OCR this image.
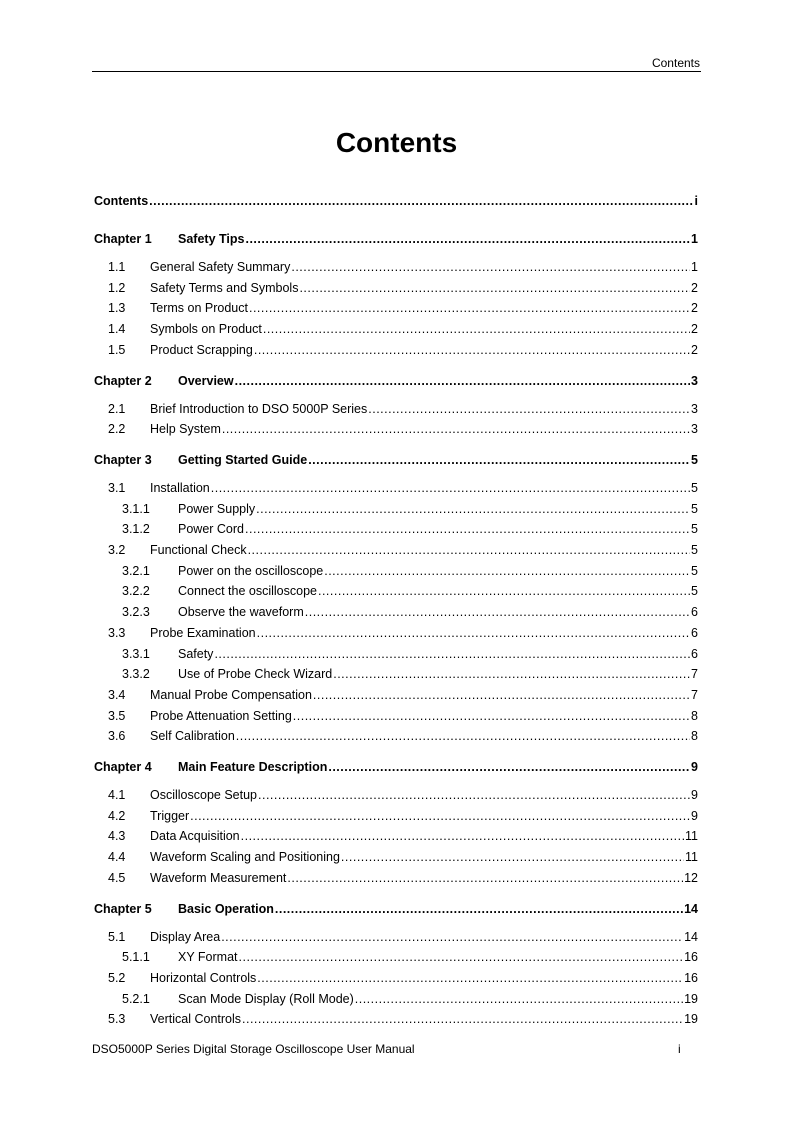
Contents
Contents
Contents .....	i
Chapter 1	Safety Tips .....	1
1.1	General Safety Summary .....	1
1.2	Safety Terms and Symbols .....	2
1.3	Terms on Product .....	2
1.4	Symbols on Product .....	2
1.5	Product Scrapping .....	2
Chapter 2	Overview .....	3
2.1	Brief Introduction to DSO 5000P Series .....	3
2.2	Help System .....	3
Chapter 3	Getting Started Guide .....	5
3.1	Installation .....	5
3.1.1	Power Supply .....	5
3.1.2	Power Cord .....	5
3.2	Functional Check .....	5
3.2.1	Power on the oscilloscope .....	5
3.2.2	Connect the oscilloscope .....	5
3.2.3	Observe the waveform .....	6
3.3	Probe Examination .....	6
3.3.1	Safety .....	6
3.3.2	Use of Probe Check Wizard .....	7
3.4	Manual Probe Compensation .....	7
3.5	Probe Attenuation Setting .....	8
3.6	Self Calibration .....	8
Chapter 4	Main Feature Description .....	9
4.1	Oscilloscope Setup .....	9
4.2	Trigger .....	9
4.3	Data Acquisition .....	11
4.4	Waveform Scaling and Positioning .....	11
4.5	Waveform Measurement .....	12
Chapter 5	Basic Operation .....	14
5.1	Display Area .....	14
5.1.1	XY Format .....	16
5.2	Horizontal Controls .....	16
5.2.1	Scan Mode Display (Roll Mode) .....	19
5.3	Vertical Controls .....	19
DSO5000P Series Digital Storage Oscilloscope User Manual	i
